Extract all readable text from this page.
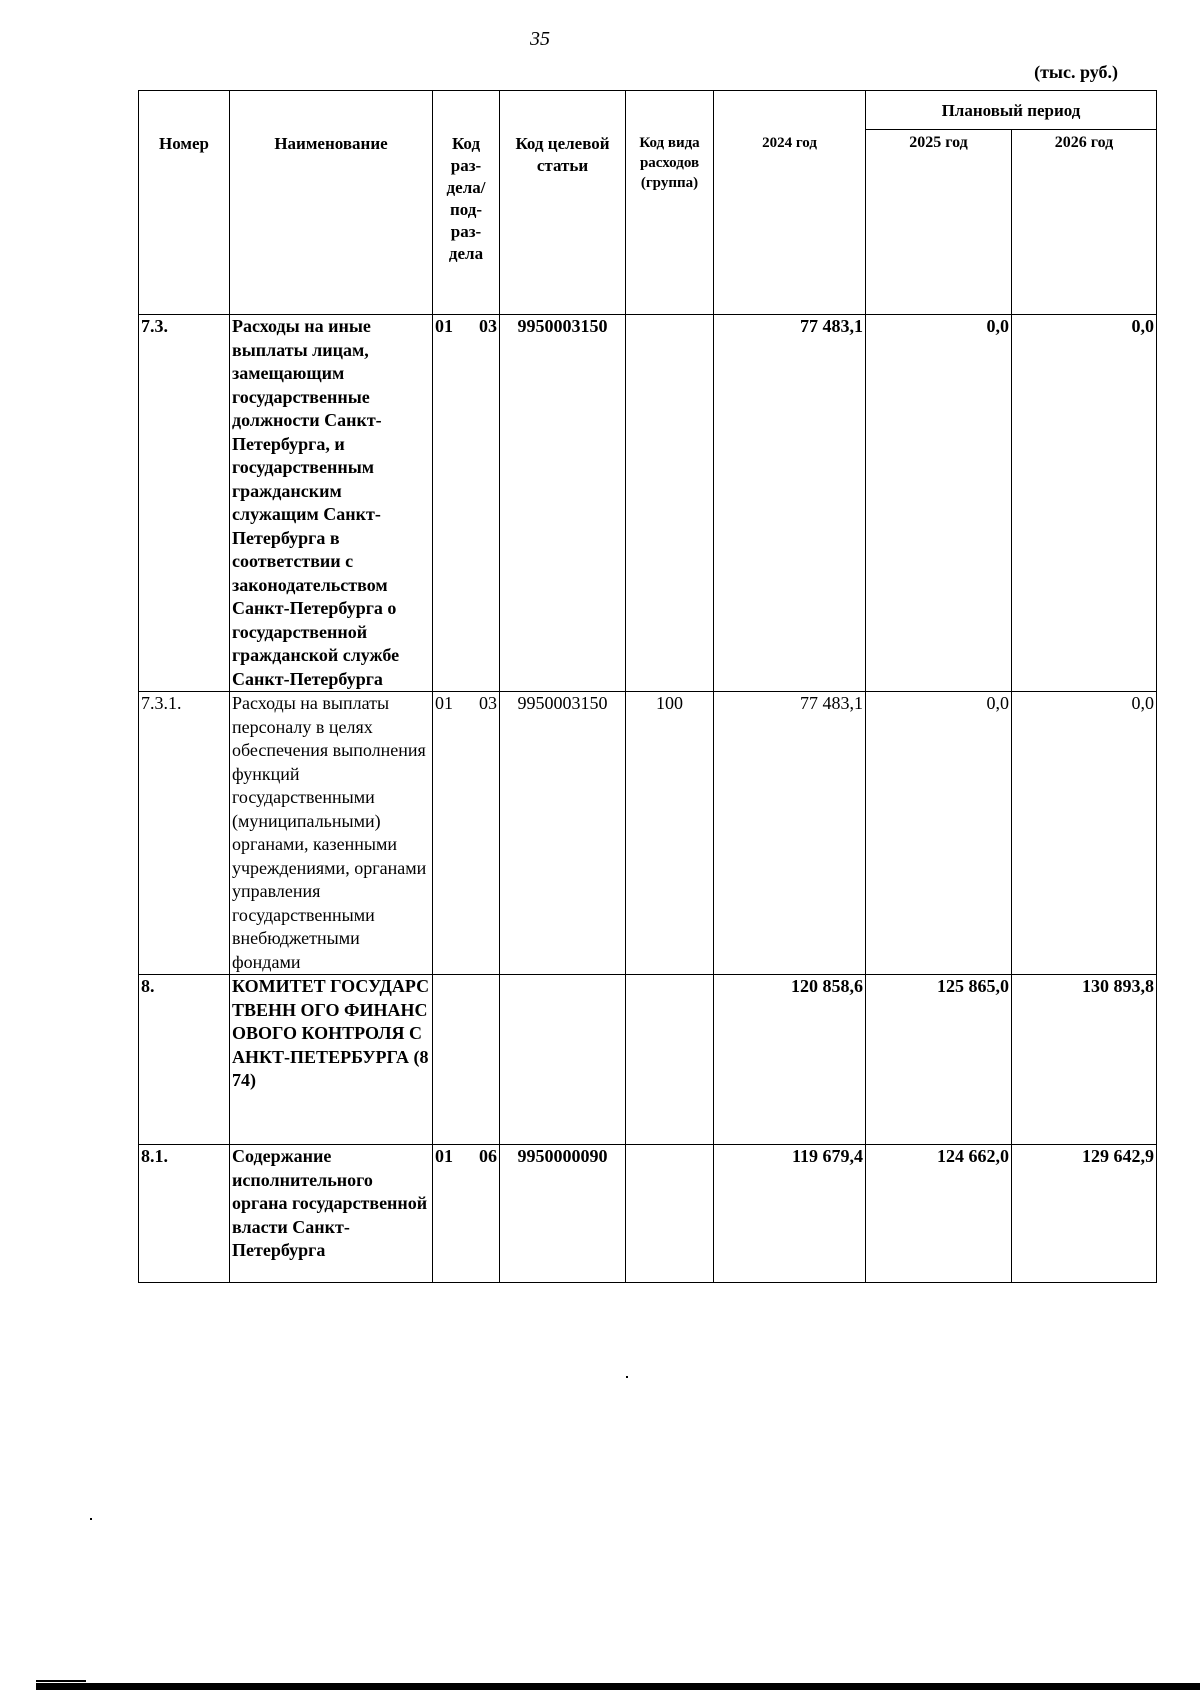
35
(тыс. руб.)
Номер	Наименование	Код раз-дела/ под-раз-дела	Код целевой статьи	Код вида расходов (группа)	2024 год	Плановый период	
						2025 год	2026 год
7.3.	Расходы на иные выплаты лицам, замещающим государственные должности Санкт-Петербурга, и государственным гражданским служащим Санкт-Петербурга в соответствии с законодательством Санкт-Петербурга о государственной гражданской службе Санкт-Петербурга	01 03	9950003150		77 483,1	0,0	0,0
7.3.1.	Расходы на выплаты персоналу в целях обеспечения выполнения функций государственными (муниципальными) органами, казенными учреждениями, органами управления государственными внебюджетными фондами	01 03	9950003150	100	77 483,1	0,0	0,0
8.	КОМИТЕТ ГОСУДАРСТВЕНН ОГО ФИНАНСОВОГО КОНТРОЛЯ САНКТ-ПЕТЕРБУРГА (874)				120 858,6	125 865,0	130 893,8
8.1.	Содержание исполнительного органа государственной власти Санкт-Петербурга	01 06	9950000090		119 679,4	124 662,0	129 642,9
